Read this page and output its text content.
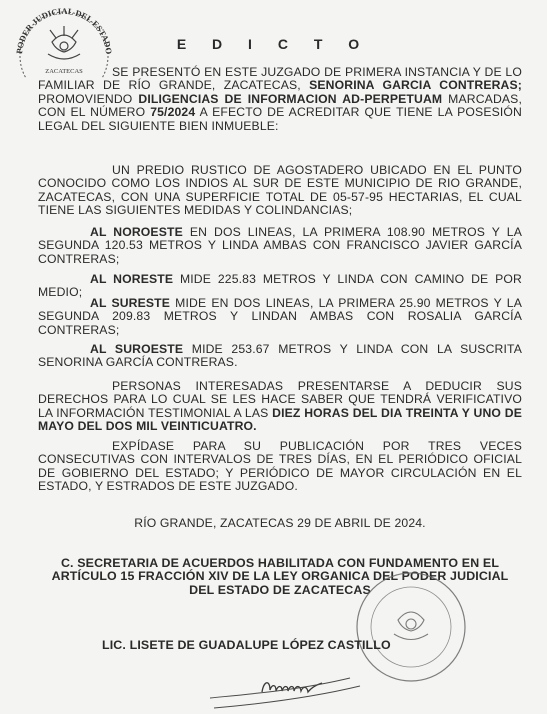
PODER JUDICIAL DEL ESTADO
ZACATECAS
E D I C T O
SE PRESENTÓ EN ESTE JUZGADO DE PRIMERA INSTANCIA Y DE LO FAMILIAR DE RÍO GRANDE, ZACATECAS, SENORINA GARCIA CONTRERAS; PROMOVIENDO DILIGENCIAS DE INFORMACION AD-PERPETUAM MARCADAS, CON EL NÚMERO 75/2024 A EFECTO DE ACREDITAR QUE TIENE LA POSESIÓN LEGAL DEL SIGUIENTE BIEN INMUEBLE:
UN PREDIO RUSTICO DE AGOSTADERO UBICADO EN EL PUNTO CONOCIDO COMO LOS INDIOS AL SUR DE ESTE MUNICIPIO DE RIO GRANDE, ZACATECAS, CON UNA SUPERFICIE TOTAL DE 05-57-95 HECTARIAS, EL CUAL TIENE LAS SIGUIENTES MEDIDAS Y COLINDANCIAS;
AL NOROESTE EN DOS LINEAS, LA PRIMERA 108.90 METROS Y LA SEGUNDA 120.53 METROS Y LINDA AMBAS CON FRANCISCO JAVIER GARCÍA CONTRERAS;
AL NORESTE MIDE 225.83 METROS Y LINDA CON CAMINO DE POR MEDIO;
AL SURESTE MIDE EN DOS LINEAS, LA PRIMERA 25.90 METROS Y LA SEGUNDA 209.83 METROS Y LINDAN AMBAS CON ROSALIA GARCÍA CONTRERAS;
AL SUROESTE MIDE 253.67 METROS Y LINDA CON LA SUSCRITA SENORINA GARCÍA CONTRERAS.
PERSONAS INTERESADAS PRESENTARSE A DEDUCIR SUS DERECHOS PARA LO CUAL SE LES HACE SABER QUE TENDRÁ VERIFICATIVO LA INFORMACIÓN TESTIMONIAL A LAS DIEZ HORAS DEL DIA TREINTA Y UNO DE MAYO DEL DOS MIL VEINTICUATRO.
EXPÍDASE PARA SU PUBLICACIÓN POR TRES VECES CONSECUTIVAS CON INTERVALOS DE TRES DÍAS, EN EL PERIÓDICO OFICIAL DE GOBIERNO DEL ESTADO; Y PERIÓDICO DE MAYOR CIRCULACIÓN EN EL ESTADO, Y ESTRADOS DE ESTE JUZGADO.
RÍO GRANDE, ZACATECAS 29 DE ABRIL DE 2024.
C. SECRETARIA DE ACUERDOS HABILITADA CON FUNDAMENTO EN EL ARTÍCULO 15 FRACCIÓN XIV DE LA LEY ORGANICA DEL PODER JUDICIAL DEL ESTADO DE ZACATECAS
LIC. LISETE DE GUADALUPE LÓPEZ CASTILLO
